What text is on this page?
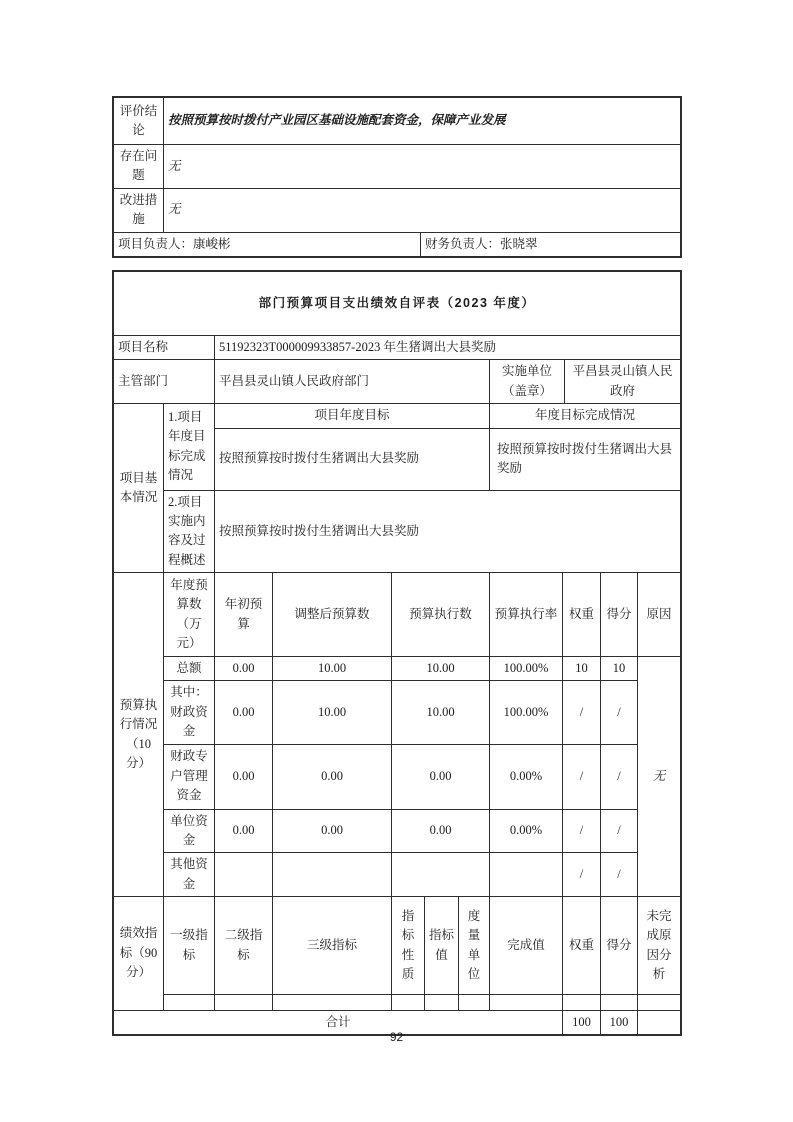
评价结论	按照预算按时拨付产业园区基础设施配套资金，保障产业发展
存在问题	无
改进措施	无
项目负责人：康峻彬	财务负责人：张晓翠
部门预算项目支出绩效自评表（2023 年度）
项目名称	51192323T000009933857-2023 年生猪调出大县奖励
主管部门	平昌县灵山镇人民政府部门	实施单位（盖章）	平昌县灵山镇人民政府
项目基本情况	1.项目年度目标完成情况	项目年度目标	年度目标完成情况
		按照预算按时拨付生猪调出大县奖励	按照预算按时拨付生猪调出大县奖励
	2.项目实施内容及过程概述	按照预算按时拨付生猪调出大县奖励	
预算执行情况（10分）	年度预算数（万元）	年初预算	调整后预算数	预算执行数	预算执行率	权重	得分	原因
	总额	0.00	10.00	10.00	100.00%	10	10	无
	其中：财政资金	0.00	10.00	10.00	100.00%	/	/	
	财政专户管理资金	0.00	0.00	0.00	0.00%	/	/	
	单位资金	0.00	0.00	0.00	0.00%	/	/	
	其他资金					/	/	
绩效指标（90分）	一级指标	二级指标	三级指标	指标性质	指标值	度量单位	完成值	权重	得分	未完成原因分析

合计	100	100	
92
